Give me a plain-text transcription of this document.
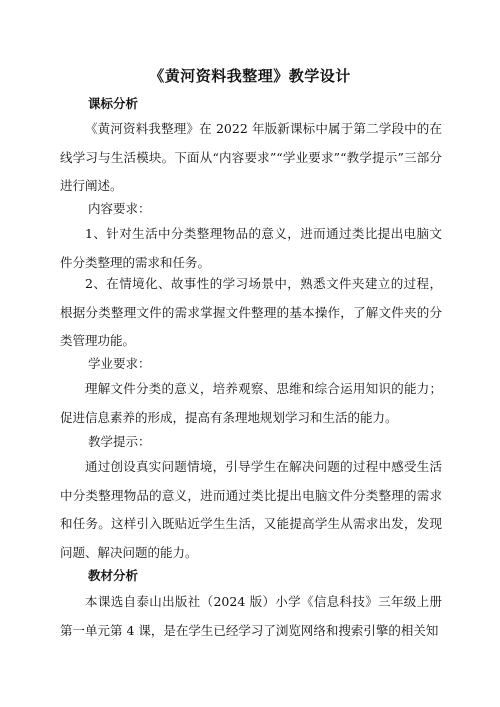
《黄河资料我整理》教学设计
课标分析

《黄河资料我整理》在 2022 年版新课标中属于第二学段中的在线学习与生活模块。下面从“内容要求”“学业要求”“教学提示”三部分进行阐述。

内容要求：

1、针对生活中分类整理物品的意义，进而通过类比提出电脑文件分类整理的需求和任务。

2、在情境化、故事性的学习场景中，熟悉文件夹建立的过程，根据分类整理文件的需求掌握文件整理的基本操作，了解文件夹的分类管理功能。

学业要求：

理解文件分类的意义，培养观察、思维和综合运用知识的能力；促进信息素养的形成，提高有条理地规划学习和生活的能力。

教学提示：

通过创设真实问题情境，引导学生在解决问题的过程中感受生活中分类整理物品的意义，进而通过类比提出电脑文件分类整理的需求和任务。这样引入既贴近学生生活，又能提高学生从需求出发，发现问题、解决问题的能力。

教材分析

本课选自泰山出版社（2024 版）小学《信息科技》三年级上册第一单元第 4 课，是在学生已经学习了浏览网络和搜索引擎的相关知
